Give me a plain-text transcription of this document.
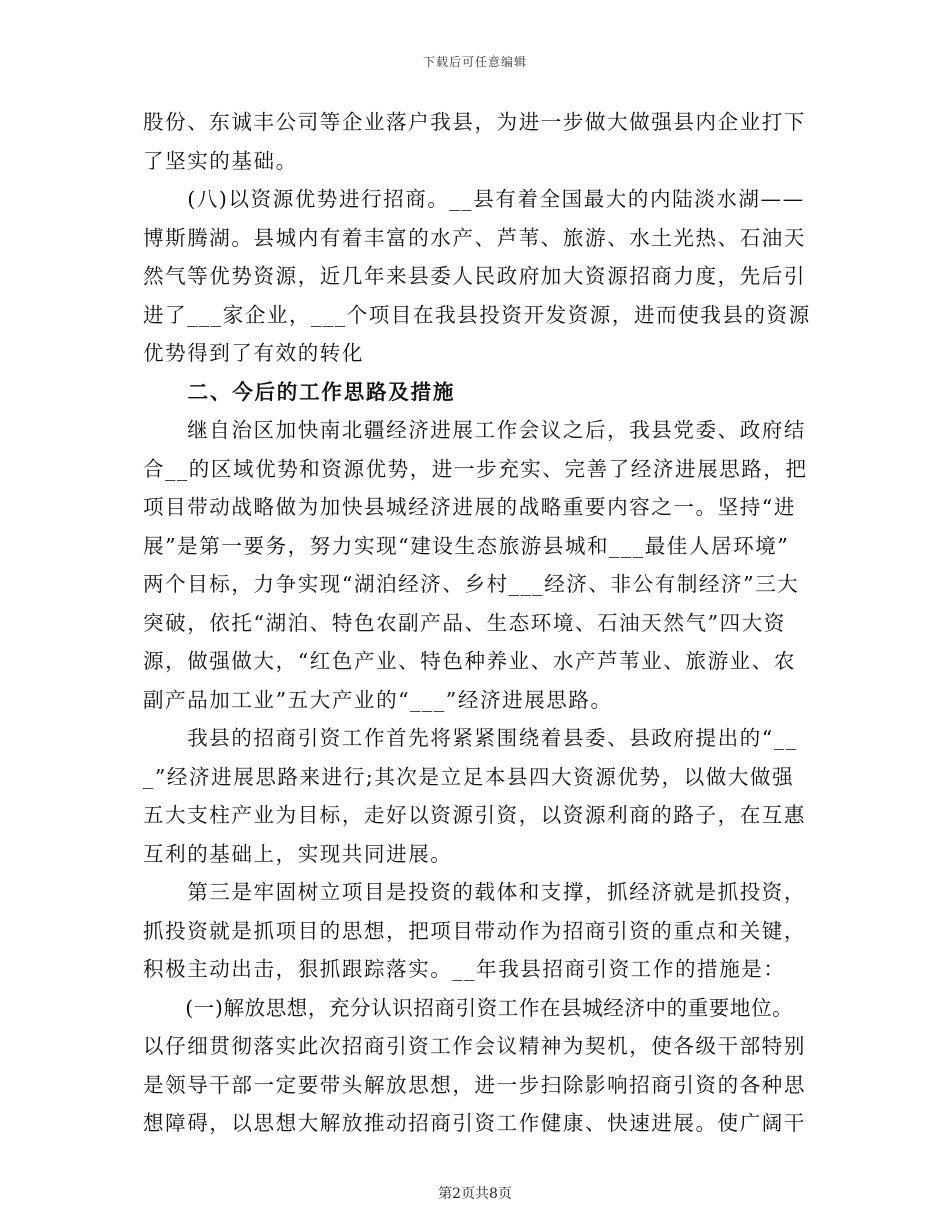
下载后可任意编辑
股份、东诚丰公司等企业落户我县，为进一步做大做强县内企业打下
了坚实的基础。
　　(八)以资源优势进行招商。__县有着全国最大的内陆淡水湖——
博斯腾湖。县城内有着丰富的水产、芦苇、旅游、水土光热、石油天
然气等优势资源，近几年来县委人民政府加大资源招商力度，先后引
进了___家企业，___个项目在我县投资开发资源，进而使我县的资源
优势得到了有效的转化
　　二、今后的工作思路及措施
　　继自治区加快南北疆经济进展工作会议之后，我县党委、政府结
合__的区域优势和资源优势，进一步充实、完善了经济进展思路，把
项目带动战略做为加快县城经济进展的战略重要内容之一。坚持“进
展”是第一要务，努力实现“建设生态旅游县城和___最佳人居环境”
两个目标，力争实现“湖泊经济、乡村___经济、非公有制经济”三大
突破，依托“湖泊、特色农副产品、生态环境、石油天然气”四大资
源，做强做大，“红色产业、特色种养业、水产芦苇业、旅游业、农
副产品加工业”五大产业的“___”经济进展思路。
　　我县的招商引资工作首先将紧紧围绕着县委、县政府提出的“__
_”经济进展思路来进行;其次是立足本县四大资源优势，以做大做强
五大支柱产业为目标，走好以资源引资，以资源利商的路子，在互惠
互利的基础上，实现共同进展。
　　第三是牢固树立项目是投资的载体和支撑，抓经济就是抓投资，
抓投资就是抓项目的思想，把项目带动作为招商引资的重点和关键，
积极主动出击，狠抓跟踪落实。__年我县招商引资工作的措施是：
　　(一)解放思想，充分认识招商引资工作在县城经济中的重要地位。
以仔细贯彻落实此次招商引资工作会议精神为契机，使各级干部特别
是领导干部一定要带头解放思想，进一步扫除影响招商引资的各种思
想障碍，以思想大解放推动招商引资工作健康、快速进展。使广阔干
第2页共8页
